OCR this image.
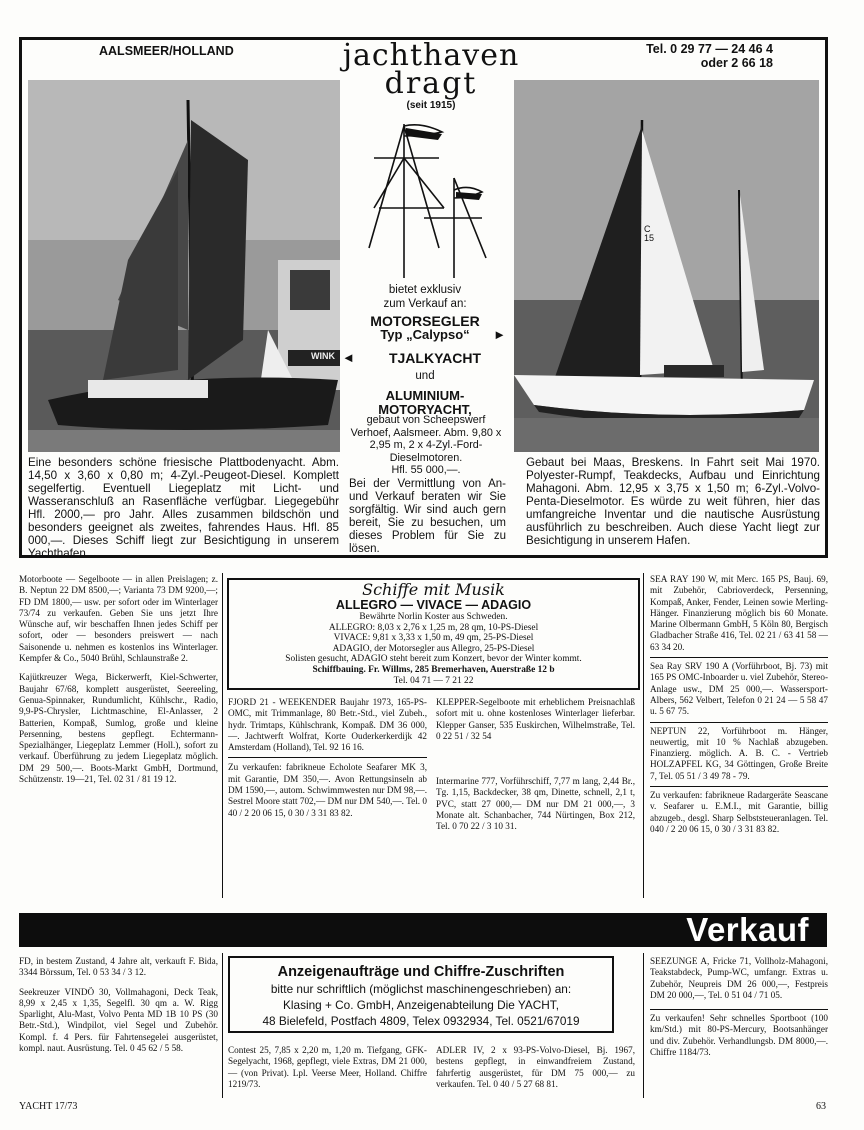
AALSMEER/HOLLAND	jachthaven
dragt
(seit 1915)
Tel. 0 29 77 — 24 46 4
oder 2 66 18
WINK
C
15
bietet exklusiv
zum Verkauf an:
MOTORSEGLER
Typ „Calypso“ ►
◄ TJALKYACHT
und
ALUMINIUM-
MOTORYACHT,
gebaut von Scheepswerf Verhoef, Aalsmeer. Abm. 9,80 x 2,95 m, 2 x 4-Zyl.-Ford-Dieselmotoren.
Hfl. 55 000,—.
Bei der Vermittlung von An- und Verkauf beraten wir Sie sorgfältig. Wir sind auch gern bereit, Sie zu besuchen, um dieses Problem für Sie zu lösen.
Eine besonders schöne friesische Plattbodenyacht. Abm. 14,50 x 3,60 x 0,80 m; 4-Zyl.-Peugeot-Diesel. Komplett segelfertig. Eventuell Liegeplatz mit Licht- und Wasseranschluß an Rasenfläche verfügbar. Liegegebühr Hfl. 2000,— pro Jahr. Alles zusammen bildschön und besonders geeignet als zweites, fahrendes Haus. Hfl. 85 000,—. Dieses Schiff liegt zur Besichtigung in unserem Yachthafen.
Gebaut bei Maas, Breskens. In Fahrt seit Mai 1970. Polyester-Rumpf, Teakdecks, Aufbau und Einrichtung Mahagoni. Abm. 12,95 x 3,75 x 1,50 m; 6-Zyl.-Volvo-Penta-Dieselmotor. Es würde zu weit führen, hier das umfangreiche Inventar und die nautische Ausrüstung ausführlich zu beschreiben. Auch diese Yacht liegt zur Besichtigung in unserem Hafen.
Motorboote — Segelboote — in allen Preislagen; z. B. Neptun 22 DM 8500,—; Varianta 73 DM 9200,—; FD DM 1800,— usw. per sofort oder im Winterlager 73/74 zu verkaufen. Geben Sie uns jetzt Ihre Wünsche auf, wir beschaffen Ihnen jedes Schiff per sofort, oder — besonders preiswert — nach Saisonende u. nehmen es kostenlos ins Winterlager. Kempfer & Co., 5040 Brühl, Schlaunstraße 2.
Kajütkreuzer Wega, Bickerwerft, Kiel-Schwerter, Baujahr 67/68, komplett ausgerüstet, Seereeling, Genua-Spinnaker, Rundumlicht, Kühlschr., Radio, 9,9-PS-Chrysler, Lichtmaschine, El-Anlasser, 2 Batterien, Kompaß, Sumlog, große und kleine Persenning, bestens gepflegt. Echtermann-Spezialhänger, Liegeplatz Lemmer (Holl.), sofort zu verkauf. Überführung zu jedem Liegeplatz möglich. DM 29 500,—. Boots-Markt GmbH, Dortmund, Schützenstr. 19—21, Tel. 02 31 / 81 19 12.
Schiffe mit Musik
ALLEGRO — VIVACE — ADAGIO
Bewährte Norlin Koster aus Schweden.
ALLEGRO: 8,03 x 2,76 x 1,25 m, 28 qm, 10-PS-Diesel
VIVACE: 9,81 x 3,33 x 1,50 m, 49 qm, 25-PS-Diesel
ADAGIO, der Motorsegler aus Allegro, 25-PS-Diesel
Solisten gesucht, ADAGIO steht bereit zum Konzert, bevor der Winter kommt.
Schiffbauing. Fr. Willms, 285 Bremerhaven, Auerstraße 12 b
Tel. 04 71 — 7 21 22
FJORD 21 - WEEKENDER Baujahr 1973, 165-PS-OMC, mit Trimmanlage, 80 Betr.-Std., viel Zubeh., hydr. Trimtaps, Kühlschrank, Kompaß. DM 36 000,—. Jachtwerft Wolfrat, Korte Ouderkerkerdijk 42 Amsterdam (Holland), Tel. 92 16 16.
Zu verkaufen: fabrikneue Echolote Seafarer MK 3, mit Garantie, DM 350,—. Avon Rettungsinseln ab DM 1590,—, autom. Schwimmwesten nur DM 98,—. Sestrel Moore statt 702,— DM nur DM 540,—. Tel. 0 40 / 2 20 06 15, 0 30 / 3 31 83 82.
KLEPPER-Segelboote mit erheblichem Preisnachlaß sofort mit u. ohne kostenloses Winterlager lieferbar. Klepper Ganser, 535 Euskirchen, Wilhelmstraße, Tel. 0 22 51 / 32 54
Intermarine 777, Vorführschiff, 7,77 m lang, 2,44 Br., Tg. 1,15, Backdecker, 38 qm, Dinette, schnell, 2,1 t, PVC, statt 27 000,— DM nur DM 21 000,—, 3 Monate alt. Schanbacher, 744 Nürtingen, Box 212, Tel. 0 70 22 / 3 10 31.
SEA RAY 190 W, mit Merc. 165 PS, Bauj. 69, mit Zubehör, Cabrioverdeck, Persenning, Kompaß, Anker, Fender, Leinen sowie Merling-Hänger. Finanzierung möglich bis 60 Monate. Marine Olbermann GmbH, 5 Köln 80, Bergisch Gladbacher Straße 416, Tel. 02 21 / 63 41 58 — 63 34 20.
Sea Ray SRV 190 A (Vorführboot, Bj. 73) mit 165 PS OMC-Inboarder u. viel Zubehör, Stereo-Anlage usw., DM 25 000,—. Wassersport-Albers, 562 Velbert, Telefon 0 21 24 — 5 58 47 u. 5 67 75.
NEPTUN 22, Vorführboot m. Hänger, neuwertig, mit 10 % Nachlaß abzugeben. Finanzierg. möglich. A. B. C. - Vertrieb HOLZAPFEL KG, 34 Göttingen, Große Breite 7, Tel. 05 51 / 3 49 78 - 79.
Zu verkaufen: fabrikneue Radargeräte Seascane v. Seafarer u. E.M.I., mit Garantie, billig abzugeb., desgl. Sharp Selbststeueranlagen. Tel. 040 / 2 20 06 15, 0 30 / 3 31 83 82.
Verkauf
Anzeigenaufträge und Chiffre-Zuschriften
bitte nur schriftlich (möglichst maschinengeschrieben) an:
Klasing + Co. GmbH, Anzeigenabteilung Die YACHT,
48 Bielefeld, Postfach 4809, Telex 0932934, Tel. 0521/67019
FD, in bestem Zustand, 4 Jahre alt, verkauft F. Bida, 3344 Börssum, Tel. 0 53 34 / 3 12.
Seekreuzer VINDÖ 30, Vollmahagoni, Deck Teak, 8,99 x 2,45 x 1,35, Segelfl. 30 qm a. W. Rigg Sparlight, Alu-Mast, Volvo Penta MD 1B 10 PS (30 Betr.-Std.), Windpilot, viel Segel und Zubehör. Kompl. f. 4 Pers. für Fahrtensegelei ausgerüstet, kompl. naut. Ausrüstung. Tel. 0 45 62 / 5 58.	Contest 25, 7,85 x 2,20 m, 1,20 m. Tiefgang, GFK-Segelyacht, 1968, gepflegt, viele Extras, DM 21 000,— (von Privat). Lpl. Veerse Meer, Holland. Chiffre 1219/73.
ADLER IV, 2 x 93-PS-Volvo-Diesel, Bj. 1967, bestens gepflegt, in einwandfreiem Zustand, fahrfertig ausgerüstet, für DM 75 000,— zu verkaufen. Tel. 0 40 / 5 27 68 81.
SEEZUNGE A, Fricke 71, Vollholz-Mahagoni, Teakstabdeck, Pump-WC, umfangr. Extras u. Zubehör, Neupreis DM 26 000,—, Festpreis DM 20 000,—, Tel. 0 51 04 / 71 05.
Zu verkaufen! Sehr schnelles Sportboot (100 km/Std.) mit 80-PS-Mercury, Bootsanhänger und div. Zubehör. Verhandlungsb. DM 8000,—. Chiffre 1184/73.
YACHT 17/73	63
